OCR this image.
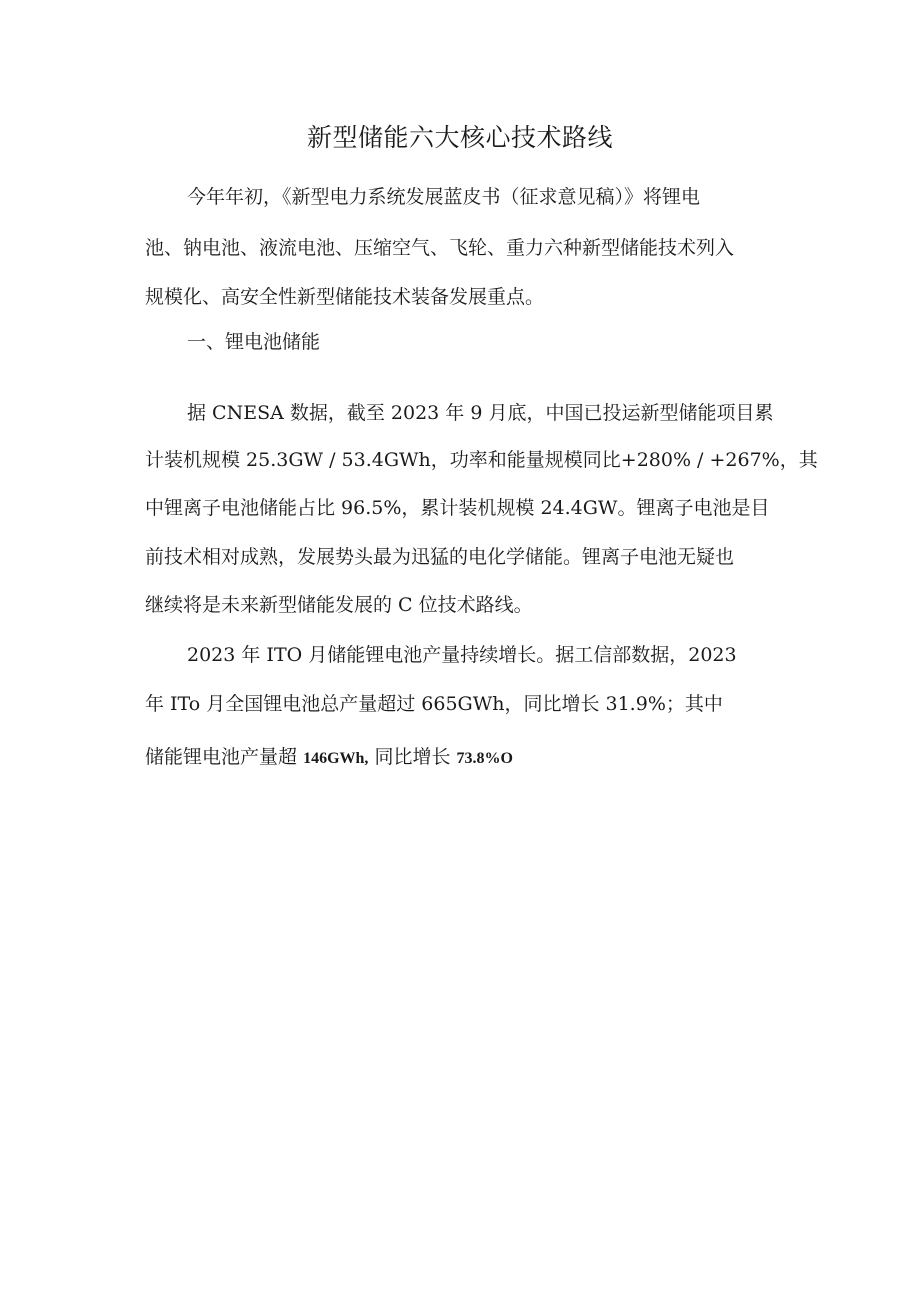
新型储能六大核心技术路线
今年年初，《新型电力系统发展蓝皮书（征求意见稿）》将锂电
池、钠电池、液流电池、压缩空气、飞轮、重力六种新型储能技术列入
规模化、高安全性新型储能技术装备发展重点。
一、锂电池储能
据 CNESA 数据，截至 2023 年 9 月底，中国已投运新型储能项目累
计装机规模 25.3GW / 53.4GWh，功率和能量规模同比+280% / +267%，其
中锂离子电池储能占比 96.5%，累计装机规模 24.4GW。锂离子电池是目
前技术相对成熟，发展势头最为迅猛的电化学储能。锂离子电池无疑也
继续将是未来新型储能发展的 C 位技术路线。
2023 年 ITO 月储能锂电池产量持续增长。据工信部数据，2023
年 ITo 月全国锂电池总产量超过 665GWh，同比增长 31.9%；其中
储能锂电池产量超 146GWh, 同比增长 73.8%O
